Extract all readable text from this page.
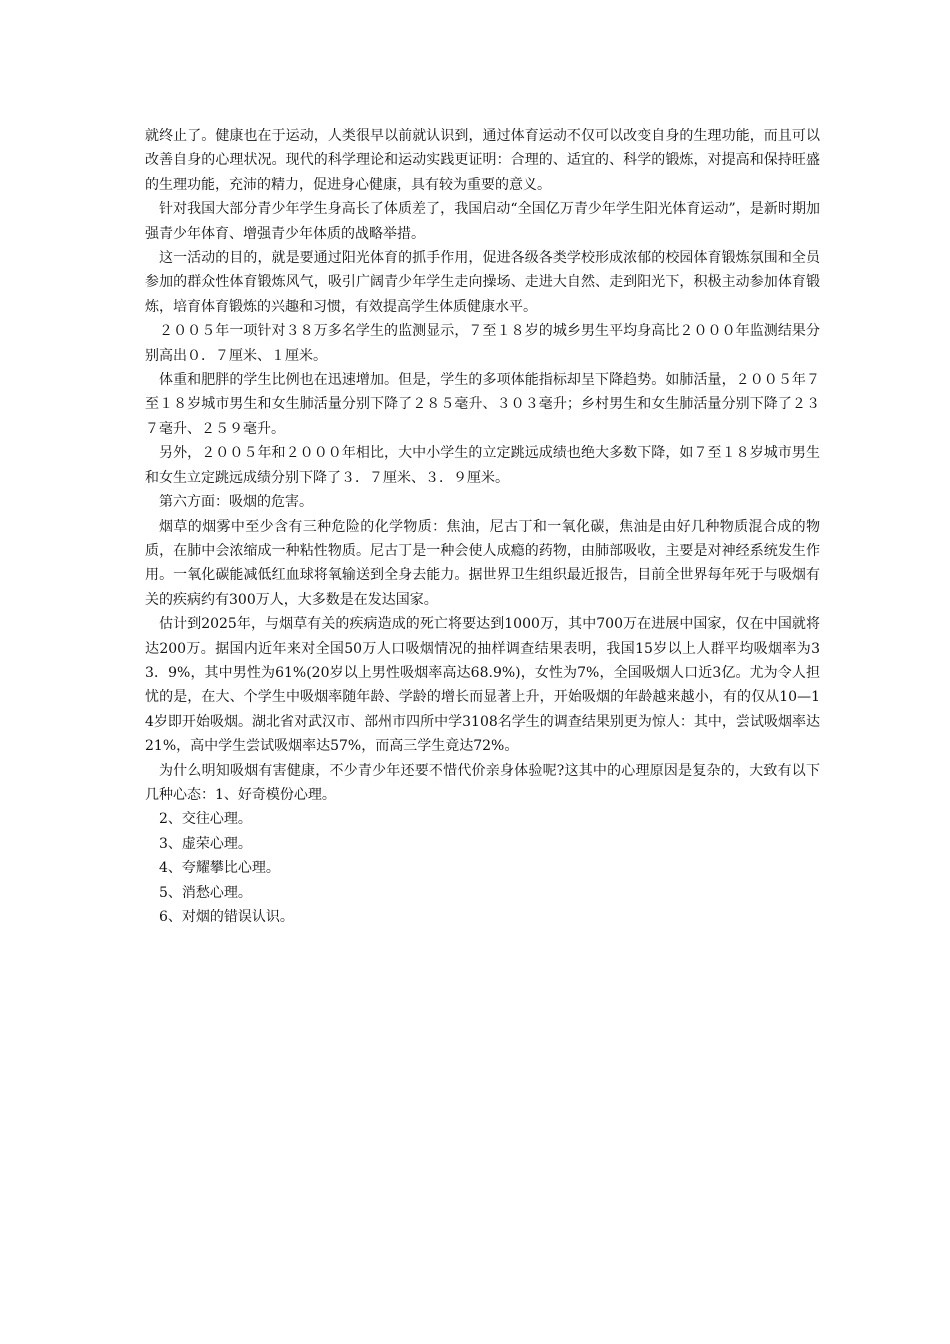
就终止了。健康也在于运动，人类很早以前就认识到，通过体育运动不仅可以改变自身的生理功能，而且可以改善自身的心理状况。现代的科学理论和运动实践更证明：合理的、适宜的、科学的锻炼，对提高和保持旺盛的生理功能，充沛的精力，促进身心健康，具有较为重要的意义。

针对我国大部分青少年学生身高长了体质差了，我国启动“全国亿万青少年学生阳光体育运动”，是新时期加强青少年体育、增强青少年体质的战略举措。

这一活动的目的，就是要通过阳光体育的抓手作用，促进各级各类学校形成浓郁的校园体育锻炼氛围和全员参加的群众性体育锻炼风气，吸引广阔青少年学生走向操场、走进大自然、走到阳光下，积极主动参加体育锻炼，培育体育锻炼的兴趣和习惯，有效提高学生体质健康水平。

２００５年一项针对３８万多名学生的监测显示，７至１８岁的城乡男生平均身高比２０００年监测结果分别高出０．７厘米、１厘米。

体重和肥胖的学生比例也在迅速增加。但是，学生的多项体能指标却呈下降趋势。如肺活量，２００５年７至１８岁城市男生和女生肺活量分别下降了２８５毫升、３０３毫升；乡村男生和女生肺活量分别下降了２３７毫升、２５９毫升。

另外，２００５年和２０００年相比，大中小学生的立定跳远成绩也绝大多数下降，如７至１８岁城市男生和女生立定跳远成绩分别下降了３．７厘米、３．９厘米。

第六方面：吸烟的危害。

烟草的烟雾中至少含有三种危险的化学物质：焦油，尼古丁和一氧化碳，焦油是由好几种物质混合成的物质，在肺中会浓缩成一种粘性物质。尼古丁是一种会使人成瘾的药物，由肺部吸收，主要是对神经系统发生作用。一氧化碳能减低红血球将氧输送到全身去能力。据世界卫生组织最近报告，目前全世界每年死于与吸烟有关的疾病约有300万人，大多数是在发达国家。

估计到2025年，与烟草有关的疾病造成的死亡将要达到1000万，其中700万在进展中国家，仅在中国就将达200万。据国内近年来对全国50万人口吸烟情况的抽样调查结果表明，我国15岁以上人群平均吸烟率为33．9%，其中男性为61%(20岁以上男性吸烟率高达68.9%)，女性为7%，全国吸烟人口近3亿。尤为令人担忧的是，在大、个学生中吸烟率随年龄、学龄的增长而显著上升，开始吸烟的年龄越来越小，有的仅从10—14岁即开始吸烟。湖北省对武汉市、部州市四所中学3108名学生的调查结果别更为惊人：其中，尝试吸烟率达21%，高中学生尝试吸烟率达57%，而高三学生竟达72%。

为什么明知吸烟有害健康，不少青少年还要不惜代价亲身体验呢?这其中的心理原因是复杂的，大致有以下几种心态：1、好奇模份心理。

2、交往心理。

3、虚荣心理。

4、夸耀攀比心理。

5、消愁心理。

6、对烟的错误认识。
